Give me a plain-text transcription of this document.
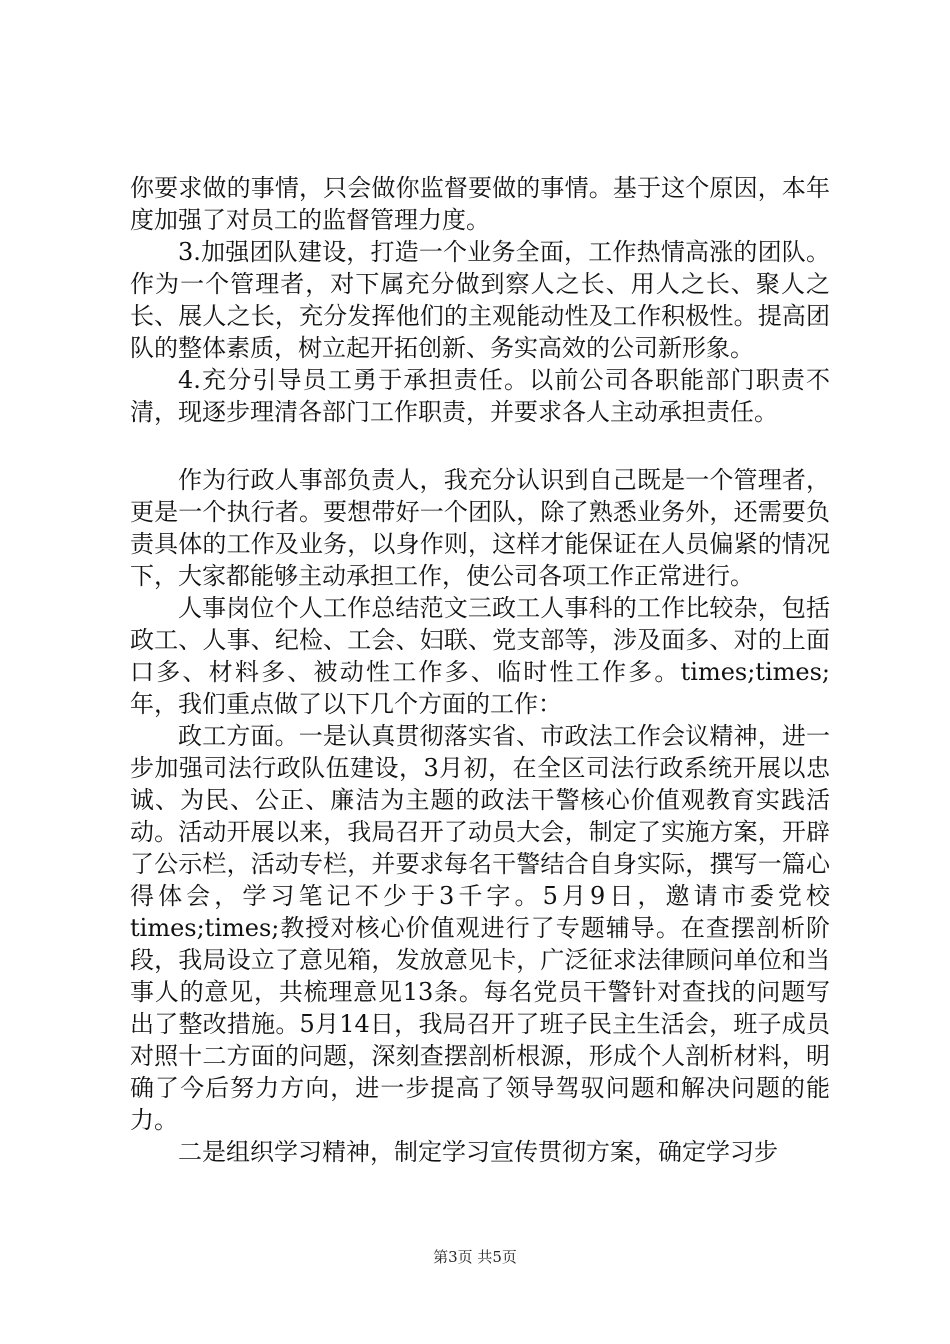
你要求做的事情，只会做你监督要做的事情。基于这个原因，本年度加强了对员工的监督管理力度。

3.加强团队建设，打造一个业务全面，工作热情高涨的团队。作为一个管理者，对下属充分做到察人之长、用人之长、聚人之长、展人之长，充分发挥他们的主观能动性及工作积极性。提高团队的整体素质，树立起开拓创新、务实高效的公司新形象。

4.充分引导员工勇于承担责任。以前公司各职能部门职责不清，现逐步理清各部门工作职责，并要求各人主动承担责任。

作为行政人事部负责人，我充分认识到自己既是一个管理者，更是一个执行者。要想带好一个团队，除了熟悉业务外，还需要负责具体的工作及业务，以身作则，这样才能保证在人员偏紧的情况下，大家都能够主动承担工作，使公司各项工作正常进行。

人事岗位个人工作总结范文三政工人事科的工作比较杂，包括政工、人事、纪检、工会、妇联、党支部等，涉及面多、对的上面口多、材料多、被动性工作多、临时性工作多。times;times;年，我们重点做了以下几个方面的工作：

政工方面。一是认真贯彻落实省、市政法工作会议精神，进一步加强司法行政队伍建设，3月初，在全区司法行政系统开展以忠诚、为民、公正、廉洁为主题的政法干警核心价值观教育实践活动。活动开展以来，我局召开了动员大会，制定了实施方案，开辟了公示栏，活动专栏，并要求每名干警结合自身实际，撰写一篇心得体会，学习笔记不少于3千字。5月9日，邀请市委党校times;times;教授对核心价值观进行了专题辅导。在查摆剖析阶段，我局设立了意见箱，发放意见卡，广泛征求法律顾问单位和当事人的意见，共梳理意见13条。每名党员干警针对查找的问题写出了整改措施。5月14日，我局召开了班子民主生活会，班子成员对照十二方面的问题，深刻查摆剖析根源，形成个人剖析材料，明确了今后努力方向，进一步提高了领导驾驭问题和解决问题的能力。

二是组织学习精神，制定学习宣传贯彻方案，确定学习步

第3页 共5页
